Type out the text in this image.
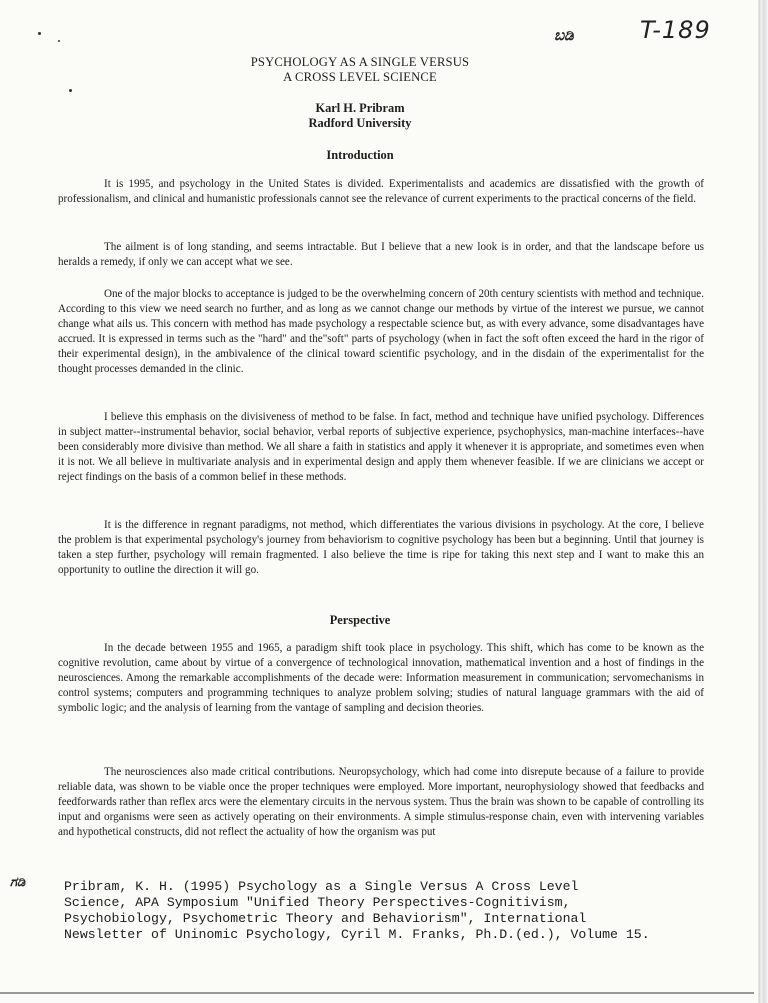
ಬಡಿ	T-189
PSYCHOLOGY AS A SINGLE VERSUS
A CROSS LEVEL SCIENCE
Karl H. Pribram
Radford University
Introduction

It is 1995, and psychology in the United States is divided. Experimentalists and academics are dissatisfied with the growth of professionalism, and clinical and humanistic professionals cannot see the relevance of current experiments to the practical concerns of the field.

The ailment is of long standing, and seems intractable. But I believe that a new look is in order, and that the landscape before us heralds a remedy, if only we can accept what we see.

One of the major blocks to acceptance is judged to be the overwhelming concern of 20th century scientists with method and technique. According to this view we need search no further, and as long as we cannot change our methods by virtue of the interest we pursue, we cannot change what ails us. This concern with method has made psychology a respectable science but, as with every advance, some disadvantages have accrued. It is expressed in terms such as the "hard" and the"soft" parts of psychology (when in fact the soft often exceed the hard in the rigor of their experimental design), in the ambivalence of the clinical toward scientific psychology, and in the disdain of the experimentalist for the thought processes demanded in the clinic.

I believe this emphasis on the divisiveness of method to be false. In fact, method and technique have unified psychology. Differences in subject matter--instrumental behavior, social behavior, verbal reports of subjective experience, psychophysics, man-machine interfaces--have been considerably more divisive than method. We all share a faith in statistics and apply it whenever it is appropriate, and sometimes even when it is not. We all believe in multivariate analysis and in experimental design and apply them whenever feasible. If we are clinicians we accept or reject findings on the basis of a common belief in these methods.

It is the difference in regnant paradigms, not method, which differentiates the various divisions in psychology. At the core, I believe the problem is that experimental psychology's journey from behaviorism to cognitive psychology has been but a beginning. Until that journey is taken a step further, psychology will remain fragmented. I also believe the time is ripe for taking this next step and I want to make this an opportunity to outline the direction it will go.

Perspective

In the decade between 1955 and 1965, a paradigm shift took place in psychology. This shift, which has come to be known as the cognitive revolution, came about by virtue of a convergence of technological innovation, mathematical invention and a host of findings in the neurosciences. Among the remarkable accomplishments of the decade were: Information measurement in communication; servomechanisms in control systems; computers and programming techniques to analyze problem solving; studies of natural language grammars with the aid of symbolic logic; and the analysis of learning from the vantage of sampling and decision theories.

The neurosciences also made critical contributions. Neuropsychology, which had come into disrepute because of a failure to provide reliable data, was shown to be viable once the proper techniques were employed. More important, neurophysiology showed that feedbacks and feedforwards rather than reflex arcs were the elementary circuits in the nervous system. Thus the brain was shown to be capable of controlling its input and organisms were seen as actively operating on their environments. A simple stimulus-response chain, even with intervening variables and hypothetical constructs, did not reflect the actuality of how the organism was put

ಗಡಿ	Pribram, K. H. (1995) Psychology as a Single Versus A Cross Level
Science, APA Symposium "Unified Theory Perspectives-Cognitivism,
Psychobiology, Psychometric Theory and Behaviorism", International
Newsletter of Uninomic Psychology, Cyril M. Franks, Ph.D.(ed.), Volume 15.
